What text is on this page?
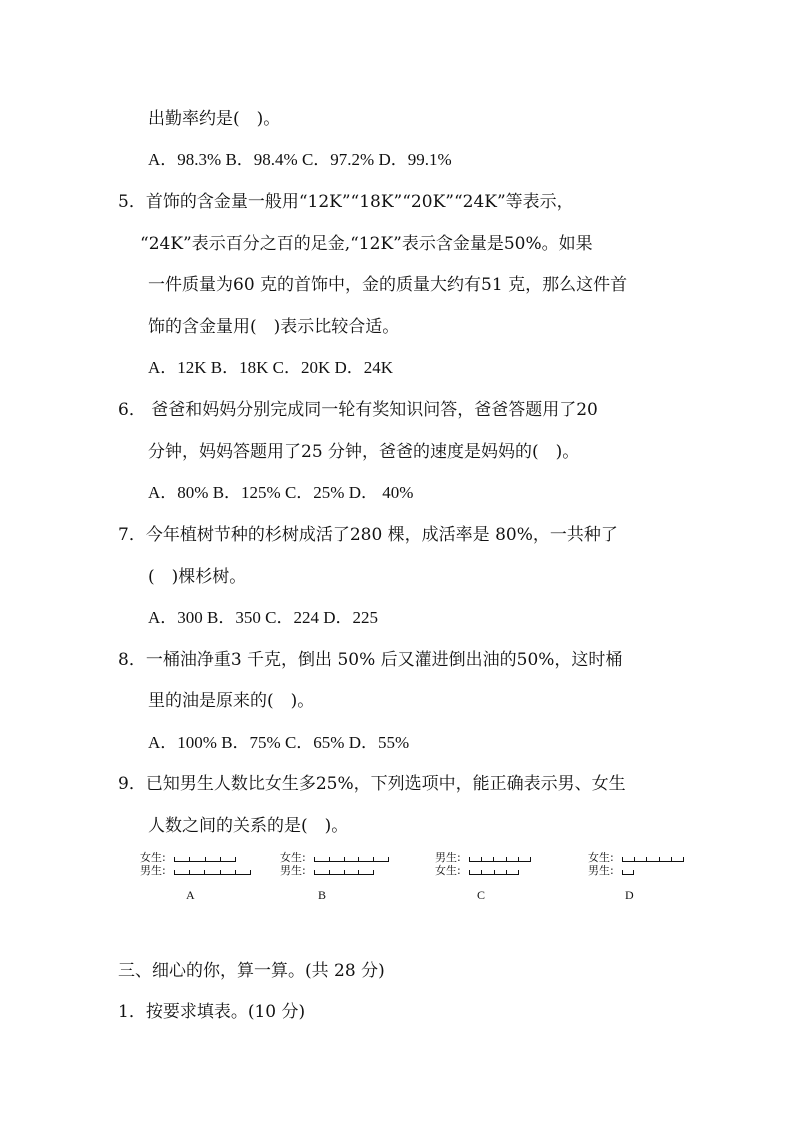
出勤率约是(　)。
A．98.3% B．98.4% C．97.2% D．99.1%
5．首饰的含金量一般用“12K”“18K”“20K”“24K”等表示，
“24K”表示百分之百的足金,“12K”表示含金量是50%。如果
一件质量为60 克的首饰中，金的质量大约有51 克，那么这件首
饰的含金量用(　)表示比较合适。
A．12K B．18K C．20K D．24K
6． 爸爸和妈妈分别完成同一轮有奖知识问答，爸爸答题用了20
分钟，妈妈答题用了25 分钟，爸爸的速度是妈妈的(　)。
A．80% B．125% C．25% D． 40%
7．今年植树节种的杉树成活了280 棵，成活率是 80%，一共种了
(　)棵杉树。
A．300 B．350 C．224 D．225
8．一桶油净重3 千克，倒出 50% 后又灌进倒出油的50%，这时桶
里的油是原来的(　)。
A．100% B．75% C．65% D．55%
9．已知男生人数比女生多25%，下列选项中，能正确表示男、女生
人数之间的关系的是(　)。
三、细心的你，算一算。(共 28 分)
1．按要求填表。(10 分)
女生:
男生:
A
女生:
男生:
B
男生:
女生:
C
女生:
男生:
D
